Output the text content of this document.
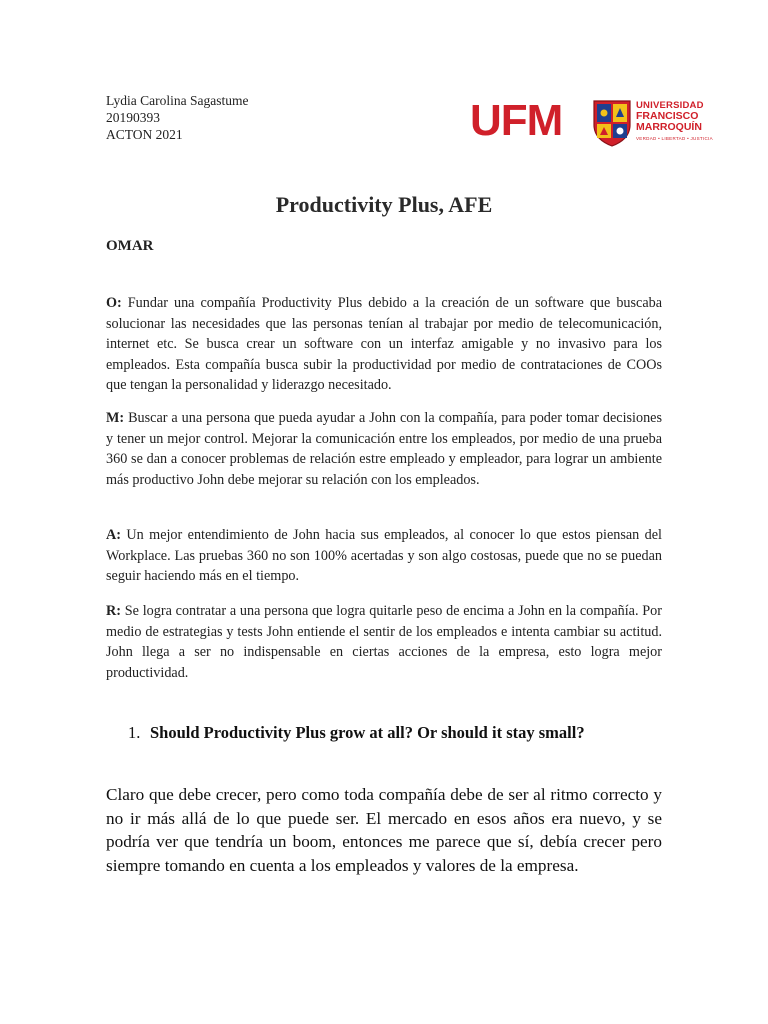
Lydia Carolina Sagastume
20190393
ACTON 2021	UFM	UNIVERSIDAD
FRANCISCO
MARROQUÍN
VERDAD • LIBERTAD • JUSTICIA
Productivity Plus, AFE
OMAR

O: Fundar una compañía Productivity Plus debido a la creación de un software que buscaba solucionar las necesidades que las personas tenían al trabajar por medio de telecomunicación, internet etc. Se busca crear un software con un interfaz amigable y no invasivo para los empleados. Esta compañía busca subir la productividad por medio de contrataciones de COOs que tengan la personalidad y liderazgo necesitado.

M: Buscar a una persona que pueda ayudar a John con la compañía, para poder tomar decisiones y tener un mejor control. Mejorar la comunicación entre los empleados, por medio de una prueba 360 se dan a conocer problemas de relación estre empleado y empleador, para lograr un ambiente más productivo John debe mejorar su relación con los empleados.

A: Un mejor entendimiento de John hacia sus empleados, al conocer lo que estos piensan del Workplace. Las pruebas 360 no son 100% acertadas y son algo costosas, puede que no se puedan seguir haciendo más en el tiempo.

R: Se logra contratar a una persona que logra quitarle peso de encima a John en la compañía. Por medio de estrategias y tests John entiende el sentir de los empleados e intenta cambiar su actitud. John llega a ser no indispensable en ciertas acciones de la empresa, esto logra mejor productividad.

1. Should Productivity Plus grow at all? Or should it stay small?

Claro que debe crecer, pero como toda compañía debe de ser al ritmo correcto y no ir más allá de lo que puede ser. El mercado en esos años era nuevo, y se podría ver que tendría un boom, entonces me parece que sí, debía crecer pero siempre tomando en cuenta a los empleados y valores de la empresa.
